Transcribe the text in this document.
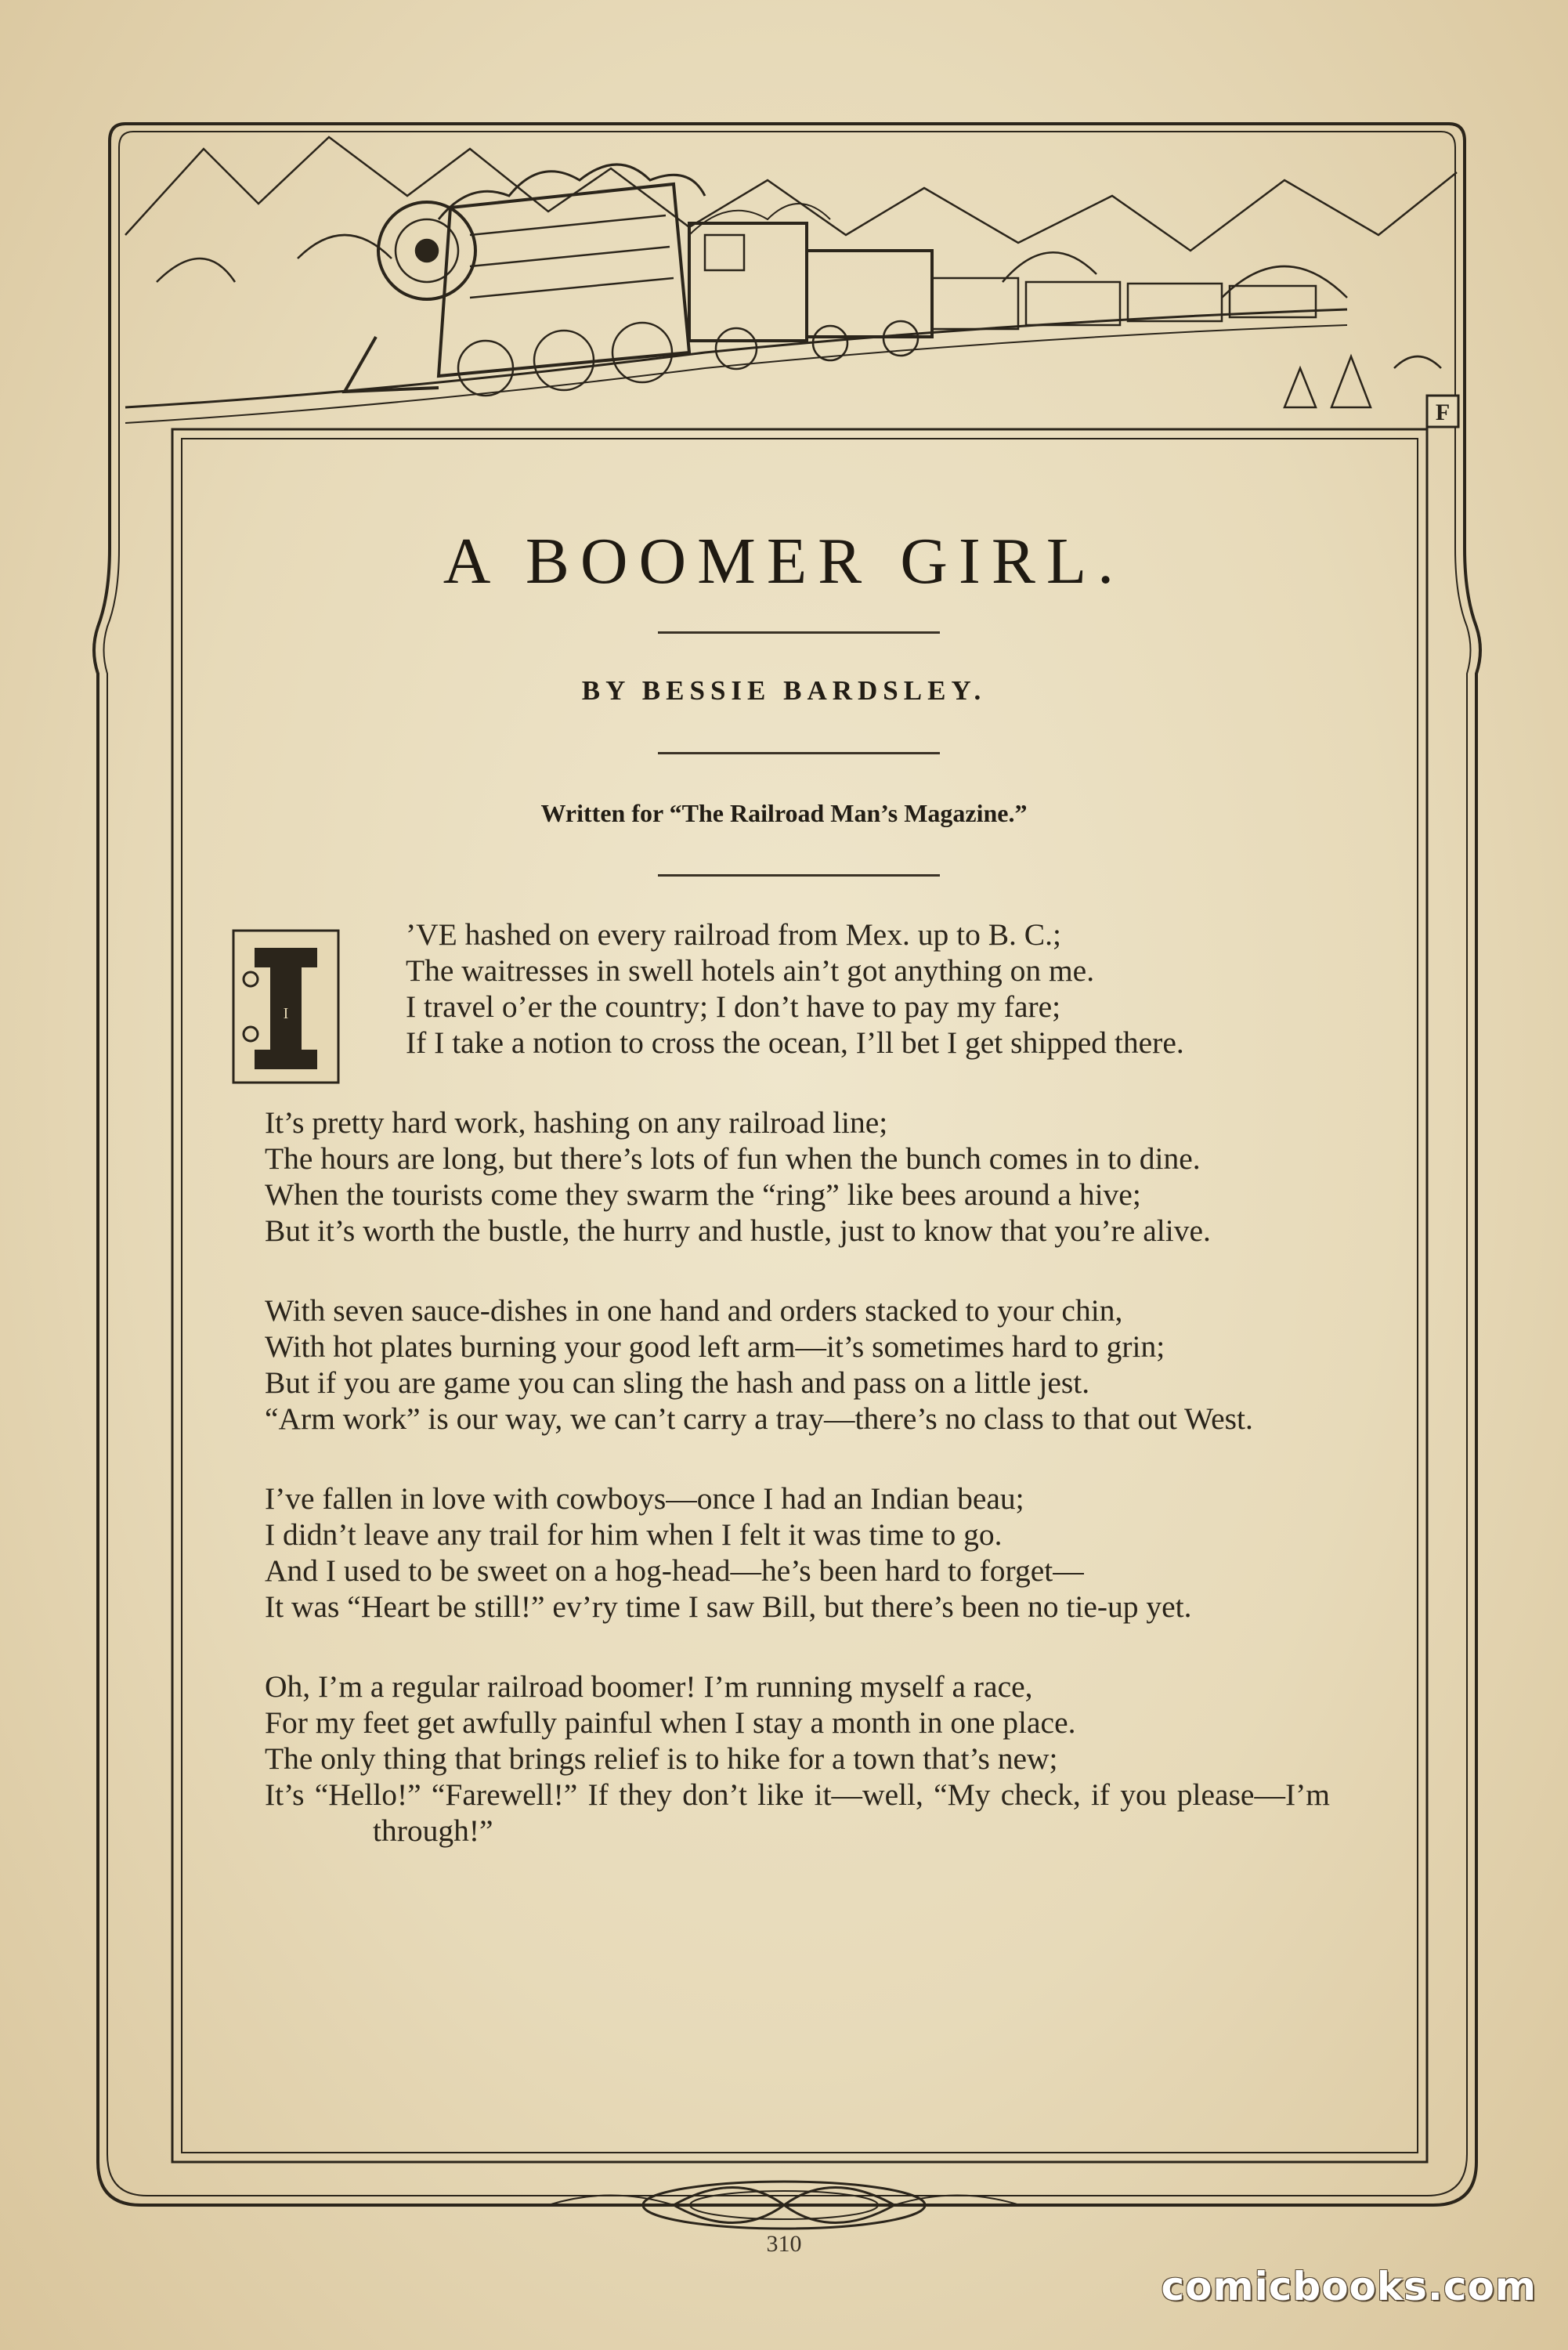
F
A BOOMER GIRL.
BY BESSIE BARDSLEY.
Written for “The Railroad Man’s Magazine.”
I
’VE hashed on every railroad from Mex. up to B. C.;
The waitresses in swell hotels ain’t got anything on me.
I travel o’er the country; I don’t have to pay my fare;
If I take a notion to cross the ocean, I’ll bet I get shipped there.
It’s pretty hard work, hashing on any railroad line;
The hours are long, but there’s lots of fun when the bunch comes in to dine.
When the tourists come they swarm the “ring” like bees around a hive;
But it’s worth the bustle, the hurry and hustle, just to know that you’re alive.
With seven sauce-dishes in one hand and orders stacked to your chin,
With hot plates burning your good left arm—it’s sometimes hard to grin;
But if you are game you can sling the hash and pass on a little jest.
“Arm work” is our way, we can’t carry a tray—there’s no class to that out West.
I’ve fallen in love with cowboys—once I had an Indian beau;
I didn’t leave any trail for him when I felt it was time to go.
And I used to be sweet on a hog-head—he’s been hard to forget—
It was “Heart be still!” ev’ry time I saw Bill, but there’s been no tie-up yet.
Oh, I’m a regular railroad boomer! I’m running myself a race,
For my feet get awfully painful when I stay a month in one place.
The only thing that brings relief is to hike for a town that’s new;
It’s “Hello!” “Farewell!” If they don’t like it—well, “My check, if you please—I’m through!”
310
comicbooks.com
